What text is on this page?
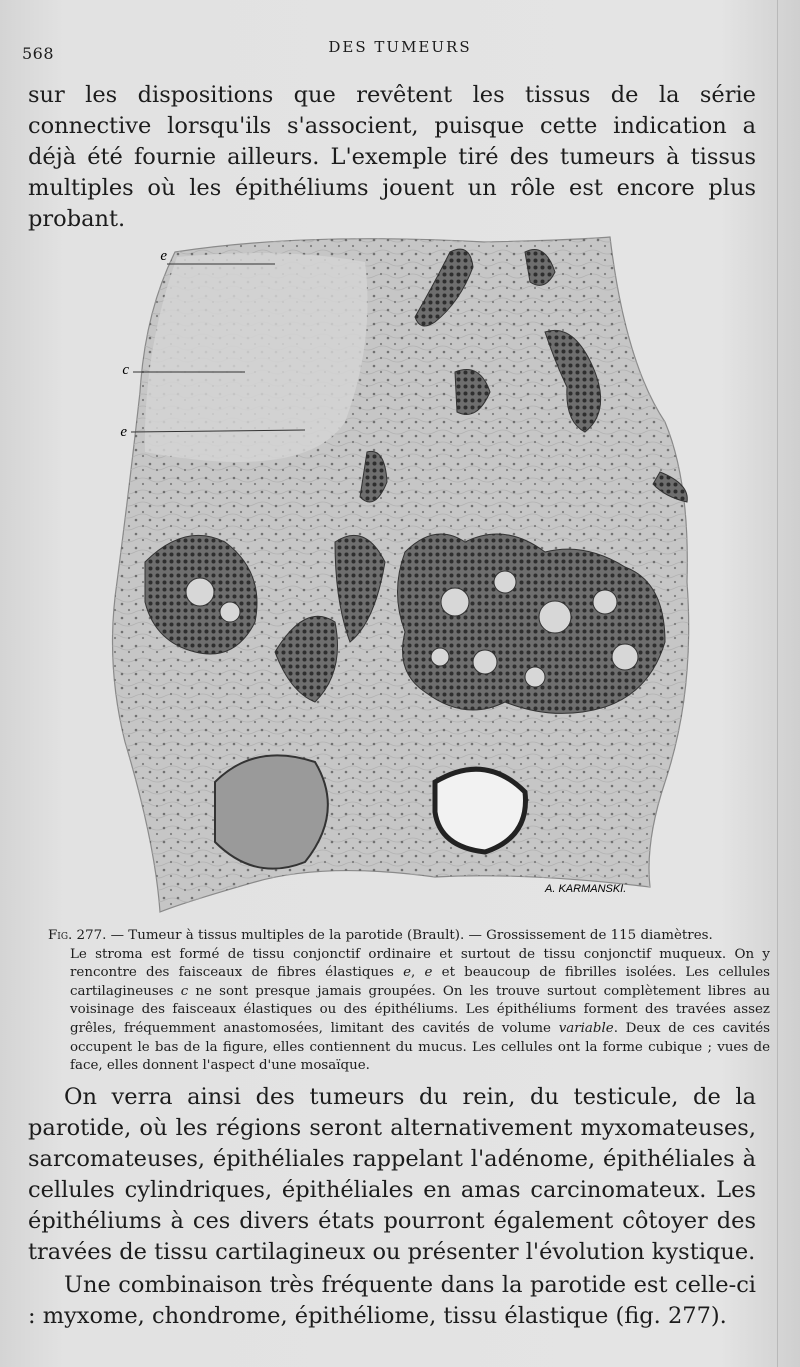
568	DES TUMEURS

sur les dispositions que revêtent les tissus de la série connective lorsqu'ils s'associent, puisque cette indication a déjà été fournie ailleurs. L'exemple tiré des tumeurs à tissus multiples où les épithéliums jouent un rôle est encore plus probant.

e
c
e
A. KARMANSKI.

Fig. 277. — Tumeur à tissus multiples de la parotide (Brault). — Grossissement de 115 diamètres.

Le stroma est formé de tissu conjonctif ordinaire et surtout de tissu conjonctif muqueux. On y rencontre des faisceaux de fibres élastiques e, e et beaucoup de fibrilles isolées. Les cellules cartilagineuses c ne sont presque jamais groupées. On les trouve surtout complètement libres au voisinage des faisceaux élastiques ou des épithéliums. Les épithéliums forment des travées assez grêles, fréquemment anastomosées, limitant des cavités de volume variable. Deux de ces cavités occupent le bas de la figure, elles contiennent du mucus. Les cellules ont la forme cubique ; vues de face, elles donnent l'aspect d'une mosaïque.

On verra ainsi des tumeurs du rein, du testicule, de la parotide, où les régions seront alternativement myxomateuses, sarcomateuses, épithéliales rappelant l'adénome, épithéliales à cellules cylindriques, épithéliales en amas carcinomateux. Les épithéliums à ces divers états pourront également côtoyer des travées de tissu cartilagineux ou présenter l'évolution kystique.

Une combinaison très fréquente dans la parotide est celle-ci : myxome, chondrome, épithéliome, tissu élastique (fig. 277).
